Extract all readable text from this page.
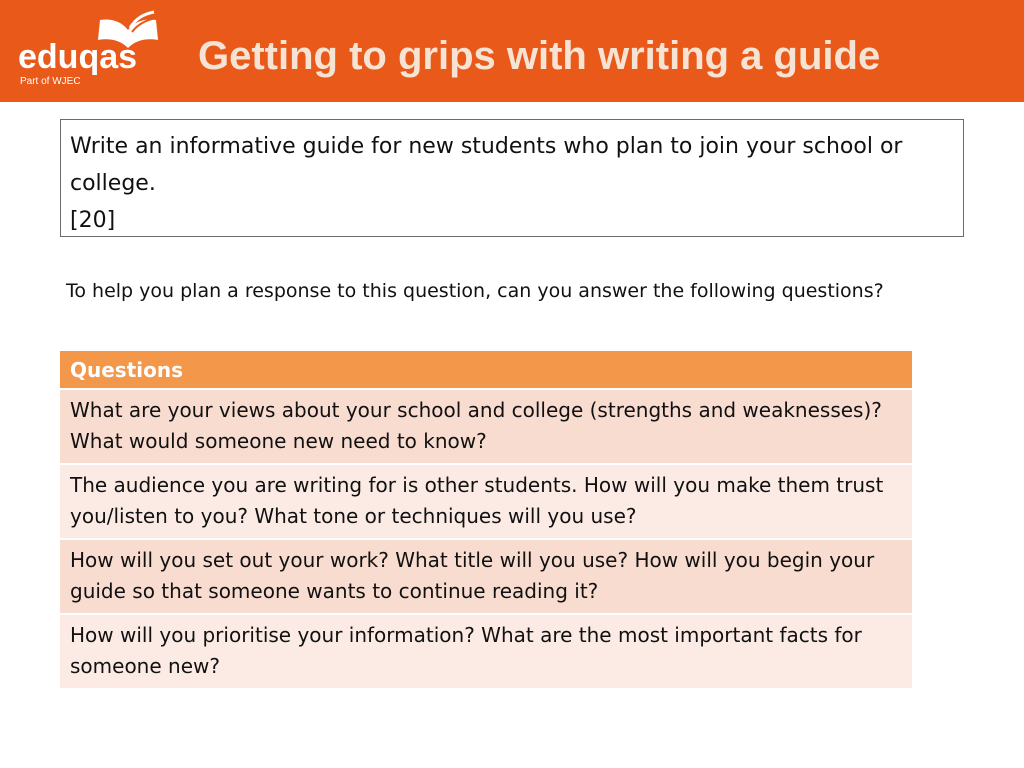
eduqas
Part of WJEC
Getting to grips with writing a guide

Write an informative guide for new students who plan to join your school or

college.

[20]

To help you plan a response to this question, can you answer the following questions?
Questions
What are your views about your school and college (strengths and weaknesses)? What would someone new need to know?
The audience you are writing for is other students. How will you make them trust you/listen to you? What tone or techniques will you use?
How will you set out your work? What title will you use? How will you begin your guide so that someone wants to continue reading it?
How will you prioritise your information? What are the most important facts for someone new?
